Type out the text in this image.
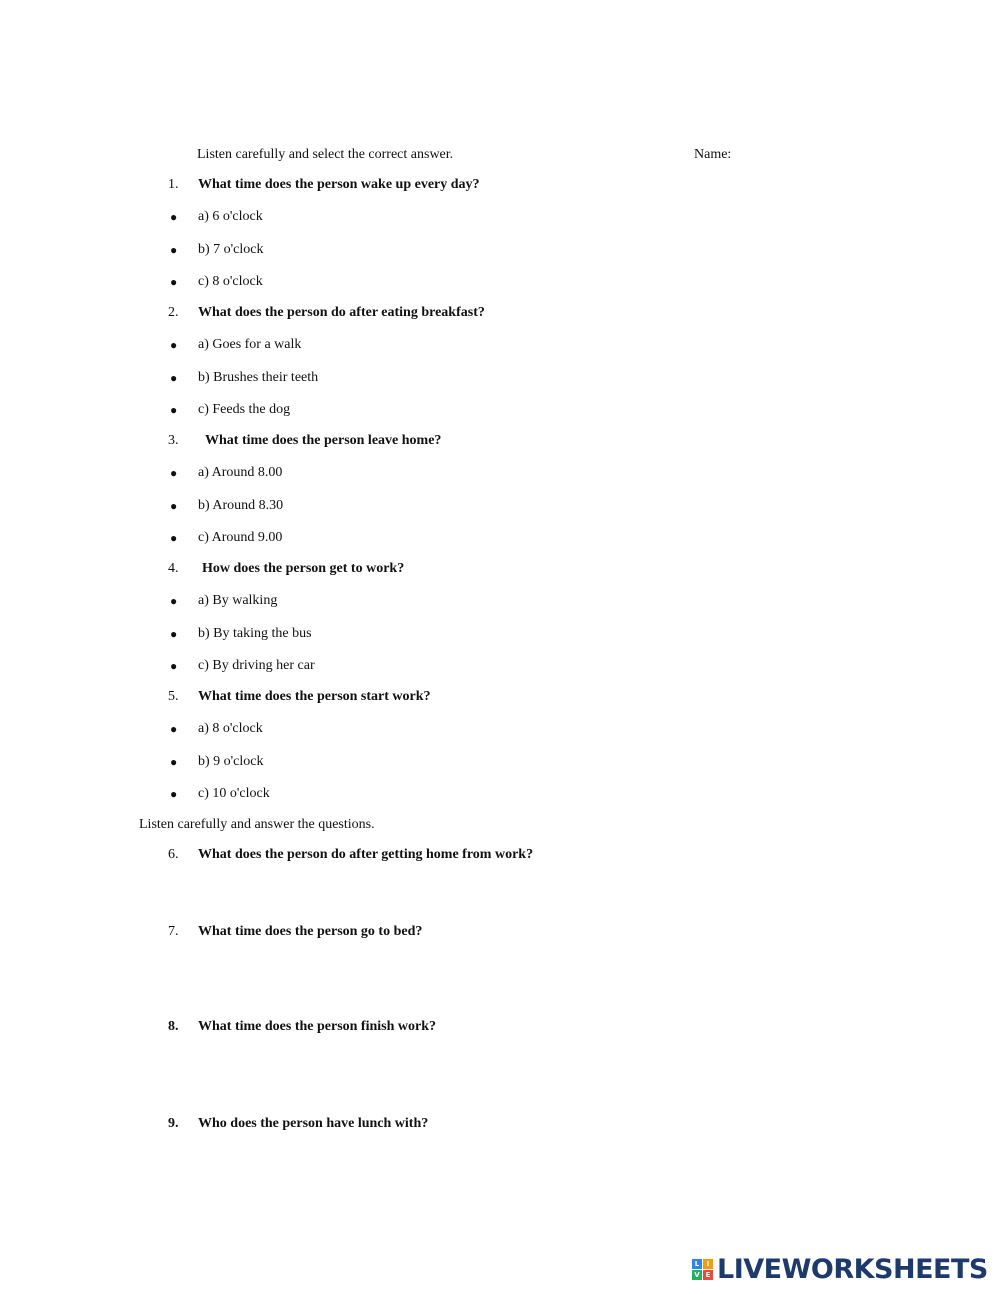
Listen carefully and select the correct answer.	Name:
1.	What time does the person wake up every day?
● a) 6 o'clock
● b) 7 o'clock
● c) 8 o'clock
2.	What does the person do after eating breakfast?
● a) Goes for a walk
● b) Brushes their teeth
● c) Feeds the dog
3.	What time does the person leave home?
● a) Around 8.00
● b) Around 8.30
● c) Around 9.00
4.	How does the person get to work?
● a) By walking
● b) By taking the bus
● c) By driving her car
5.	What time does the person start work?
● a) 8 o'clock
● b) 9 o'clock
● c) 10 o'clock
Listen carefully and answer the questions.
6.	What does the person do after getting home from work?
7.	What time does the person go to bed?
8.	What time does the person finish work?
9.	Who does the person have lunch with?
L	I
V E LIVEWORKSHEETS
